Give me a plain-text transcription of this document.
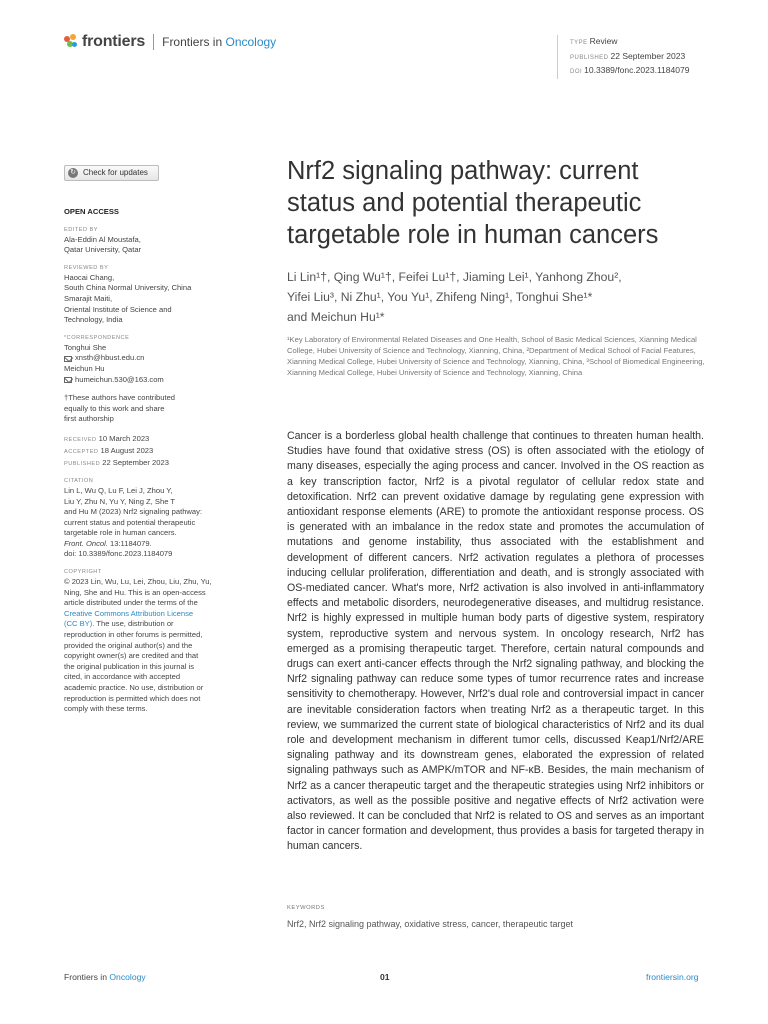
frontiers Frontiers in Oncology	TYPE Review
PUBLISHED 22 September 2023
DOI 10.3389/fonc.2023.1184079
↻ Check for updates
OPEN ACCESS
EDITED BY
Ala-Eddin Al Moustafa,
Qatar University, Qatar
REVIEWED BY
Haocai Chang,
South China Normal University, China
Smarajit Maiti,
Oriental Institute of Science and
Technology, India
*CORRESPONDENCE
Tonghui She
xnsth@hbust.edu.cn
Meichun Hu
humeichun.530@163.com
†These authors have contributed
equally to this work and share
first authorship
RECEIVED 10 March 2023
ACCEPTED 18 August 2023
PUBLISHED 22 September 2023
CITATION
Lin L, Wu Q, Lu F, Lei J, Zhou Y,
Liu Y, Zhu N, Yu Y, Ning Z, She T
and Hu M (2023) Nrf2 signaling pathway:
current status and potential therapeutic
targetable role in human cancers.
Front. Oncol. 13:1184079.
doi: 10.3389/fonc.2023.1184079
COPYRIGHT
© 2023 Lin, Wu, Lu, Lei, Zhou, Liu, Zhu, Yu,
Ning, She and Hu. This is an open-access
article distributed under the terms of the
Creative Commons Attribution License
(CC BY). The use, distribution or
reproduction in other forums is permitted,
provided the original author(s) and the
copyright owner(s) are credited and that
the original publication in this journal is
cited, in accordance with accepted
academic practice. No use, distribution or
reproduction is permitted which does not
comply with these terms.
Nrf2 signaling pathway: current status and potential therapeutic targetable role in human cancers
Li Lin¹†, Qing Wu¹†, Feifei Lu¹†, Jiaming Lei¹, Yanhong Zhou²,
Yifei Liu³, Ni Zhu¹, You Yu¹, Zhifeng Ning¹, Tonghui She¹*
and Meichun Hu¹*
¹Key Laboratory of Environmental Related Diseases and One Health, School of Basic Medical Sciences, Xianning Medical College, Hubei University of Science and Technology, Xianning, China, ²Department of Medical School of Facial Features, Xianning Medical College, Hubei University of Science and Technology, Xianning, China, ³School of Biomedical Engineering, Xianning Medical College, Hubei University of Science and Technology, Xianning, China
Cancer is a borderless global health challenge that continues to threaten human health. Studies have found that oxidative stress (OS) is often associated with the etiology of many diseases, especially the aging process and cancer. Involved in the OS reaction as a key transcription factor, Nrf2 is a pivotal regulator of cellular redox state and detoxification. Nrf2 can prevent oxidative damage by regulating gene expression with antioxidant response elements (ARE) to promote the antioxidant response process. OS is generated with an imbalance in the redox state and promotes the accumulation of mutations and genome instability, thus associated with the establishment and development of different cancers. Nrf2 activation regulates a plethora of processes inducing cellular proliferation, differentiation and death, and is strongly associated with OS-mediated cancer. What's more, Nrf2 activation is also involved in anti-inflammatory effects and metabolic disorders, neurodegenerative diseases, and multidrug resistance. Nrf2 is highly expressed in multiple human body parts of digestive system, respiratory system, reproductive system and nervous system. In oncology research, Nrf2 has emerged as a promising therapeutic target. Therefore, certain natural compounds and drugs can exert anti-cancer effects through the Nrf2 signaling pathway, and blocking the Nrf2 signaling pathway can reduce some types of tumor recurrence rates and increase sensitivity to chemotherapy. However, Nrf2's dual role and controversial impact in cancer are inevitable consideration factors when treating Nrf2 as a therapeutic target. In this review, we summarized the current state of biological characteristics of Nrf2 and its dual role and development mechanism in different tumor cells, discussed Keap1/Nrf2/ARE signaling pathway and its downstream genes, elaborated the expression of related signaling pathways such as AMPK/mTOR and NF-κB. Besides, the main mechanism of Nrf2 as a cancer therapeutic target and the therapeutic strategies using Nrf2 inhibitors or activators, as well as the possible positive and negative effects of Nrf2 activation were also reviewed. It can be concluded that Nrf2 is related to OS and serves as an important factor in cancer formation and development, thus provides a basis for targeted therapy in human cancers.
KEYWORDS
Nrf2, Nrf2 signaling pathway, oxidative stress, cancer, therapeutic target
Frontiers in Oncology	01	frontiersin.org
